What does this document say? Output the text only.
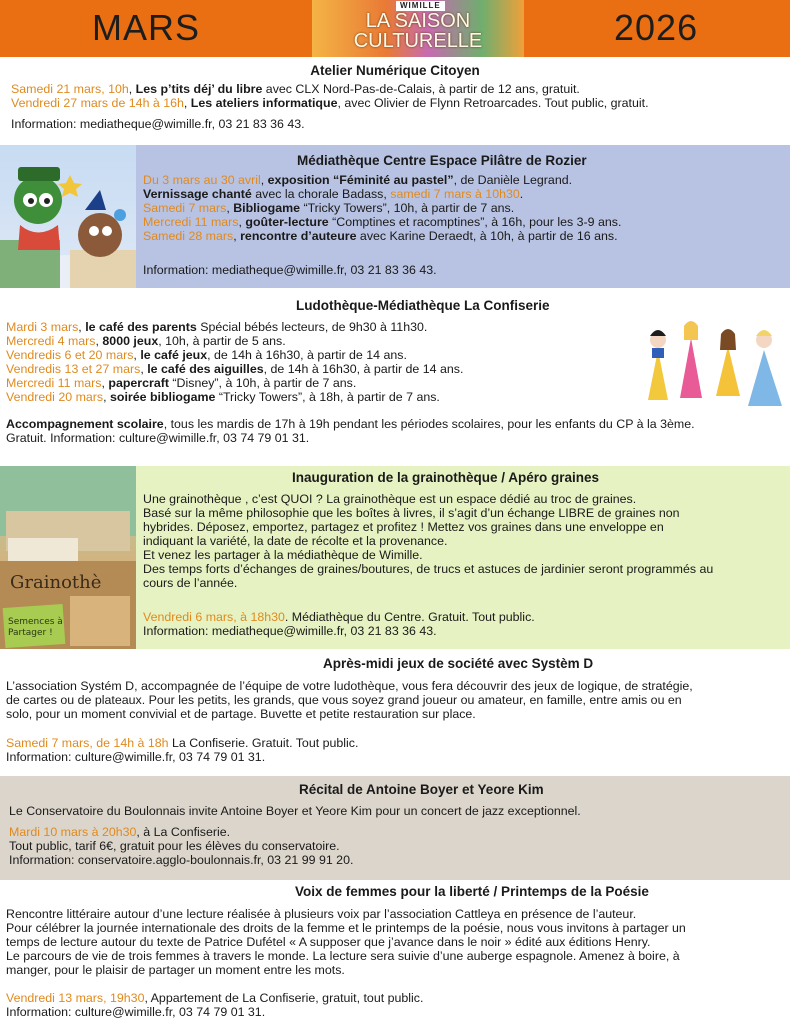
MARS
WIMILLE
LA SAISON
CULTURELLE	2026
Atelier Numérique Citoyen
Samedi 21 mars, 10h, Les p’tits déj’ du libre avec CLX Nord-Pas-de-Calais, à partir de 12 ans, gratuit.
Vendredi 27 mars de 14h à 16h, Les ateliers informatique, avec Olivier de Flynn Retroarcades. Tout public, gratuit.
Information: mediatheque@wimille.fr, 03 21 83 36 43.
Médiathèque Centre Espace Pilâtre de Rozier
Du 3 mars au 30 avril, exposition “Féminité au pastel”, de Danièle Legrand.
Vernissage chanté avec la chorale Badass, samedi 7 mars à 10h30.
Samedi 7 mars, Bibliogame “Tricky Towers”, 10h, à partir de 7 ans.
Mercredi 11 mars, goûter-lecture “Comptines et racomptines”, à 16h, pour les 3-9 ans.
Samedi 28 mars, rencontre d’auteure avec Karine Deraedt, à 10h, à partir de 16 ans.
Information: mediatheque@wimille.fr, 03 21 83 36 43.
Ludothèque-Médiathèque La Confiserie
Mardi 3 mars, le café des parents Spécial bébés lecteurs, de 9h30 à 11h30.
Mercredi 4 mars, 8000 jeux, 10h, à partir de 5 ans.
Vendredis 6 et 20 mars, le café jeux, de 14h à 16h30, à partir de 14 ans.
Vendredis 13 et 27 mars, le café des aiguilles, de 14h à 16h30, à partir de 14 ans.
Mercredi 11 mars, papercraft “Disney”, à 10h, à partir de 7 ans.
Vendredi 20 mars, soirée bibliogame “Tricky Towers”, à 18h, à partir de 7 ans.
Accompagnement scolaire, tous les mardis de 17h à 19h pendant les périodes scolaires, pour les enfants du CP à la 3ème.
Gratuit. Information: culture@wimille.fr, 03 74 79 01 31.
Grainothè
Semences à
Partager !
Inauguration de la grainothèque / Apéro graines
Une grainothèque , c’est QUOI ? La grainothèque est un espace dédié au troc de graines.
Basé sur la même philosophie que les boîtes à livres, il s’agit d’un échange LIBRE de graines non
hybrides. Déposez, emportez, partagez et profitez ! Mettez vos graines dans une enveloppe en
indiquant la variété, la date de récolte et la provenance.
Et venez les partager à la médiathèque de Wimille.
Des temps forts d’échanges de graines/boutures, de trucs et astuces de jardinier seront programmés au
cours de l’année.
Vendredi 6 mars, à 18h30. Médiathèque du Centre. Gratuit. Tout public.
Information: mediatheque@wimille.fr, 03 21 83 36 43.
Après-midi jeux de société avec Systèm D
L’association Systém D, accompagnée de l’équipe de votre ludothèque, vous fera découvrir des jeux de logique, de stratégie,
de cartes ou de plateaux. Pour les petits, les grands, que vous soyez grand joueur ou amateur, en famille, entre amis ou en
solo, pour un moment convivial et de partage. Buvette et petite restauration sur place.
Samedi 7 mars, de 14h à 18h La Confiserie. Gratuit. Tout public.
Information: culture@wimille.fr, 03 74 79 01 31.
Récital de Antoine Boyer et Yeore Kim
Le Conservatoire du Boulonnais invite Antoine Boyer et Yeore Kim pour un concert de jazz exceptionnel.
Mardi 10 mars à 20h30, à La Confiserie.
Tout public, tarif 6€, gratuit pour les élèves du conservatoire.
Information: conservatoire.agglo-boulonnais.fr, 03 21 99 91 20.
Voix de femmes pour la liberté / Printemps de la Poésie
Rencontre littéraire autour d’une lecture réalisée à plusieurs voix par l’association Cattleya en présence de l’auteur.
Pour célébrer la journée internationale des droits de la femme et le printemps de la poésie, nous vous invitons à partager un
temps de lecture autour du texte de Patrice Dufétel « A supposer que j’avance dans le noir » édité aux éditions Henry.
Le parcours de vie de trois femmes à travers le monde. La lecture sera suivie d’une auberge espagnole. Amenez à boire, à
manger, pour le plaisir de partager un moment entre les mots.
Vendredi 13 mars, 19h30, Appartement de La Confiserie, gratuit, tout public.
Information: culture@wimille.fr, 03 74 79 01 31.
